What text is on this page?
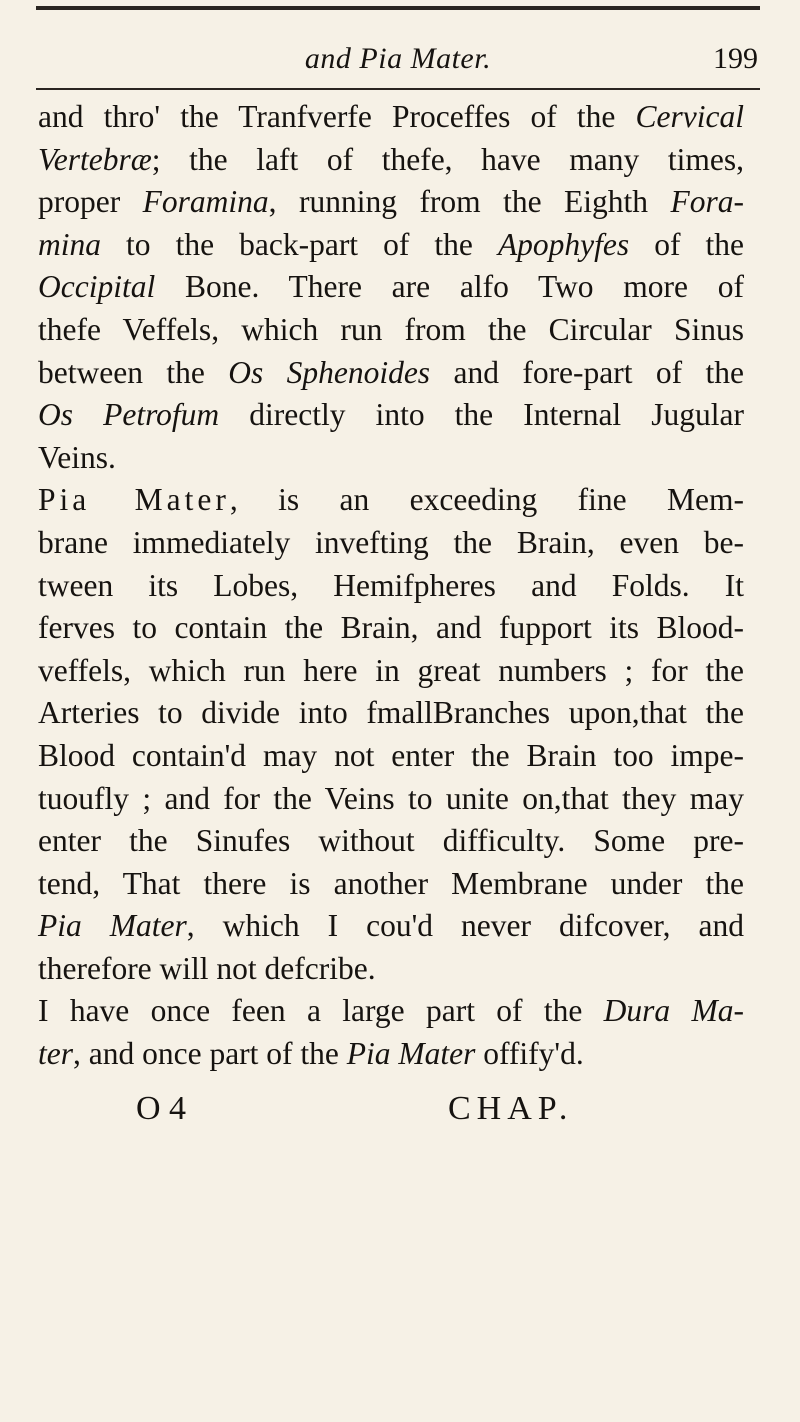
and Pia Mater.	199
and thro' the Tranfverfe Proceffes of the Cervical
Vertebræ; the laft of thefe, have many times,
proper Foramina, running from the Eighth Fora-
mina to the back-part of the Apophyfes of the
Occipital Bone. There are alfo Two more of
thefe Veffels, which run from the Circular Sinus
between the Os Sphenoides and fore-part of the
Os Petrofum directly into the Internal Jugular
Veins.
Pia Mater, is an exceeding fine Mem-
brane immediately invefting the Brain, even be-
tween its Lobes, Hemifpheres and Folds. It
ferves to contain the Brain, and fupport its Blood-
veffels, which run here in great numbers ; for the
Arteries to divide into fmallBranches upon,that the
Blood contain'd may not enter the Brain too impe-
tuoufly ; and for the Veins to unite on,that they may
enter the Sinufes without difficulty. Some pre-
tend, That there is another Membrane under the
Pia Mater, which I cou'd never difcover, and
therefore will not defcribe.
I have once feen a large part of the Dura Ma-
ter, and once part of the Pia Mater offify'd.
O 4	CHAP.
